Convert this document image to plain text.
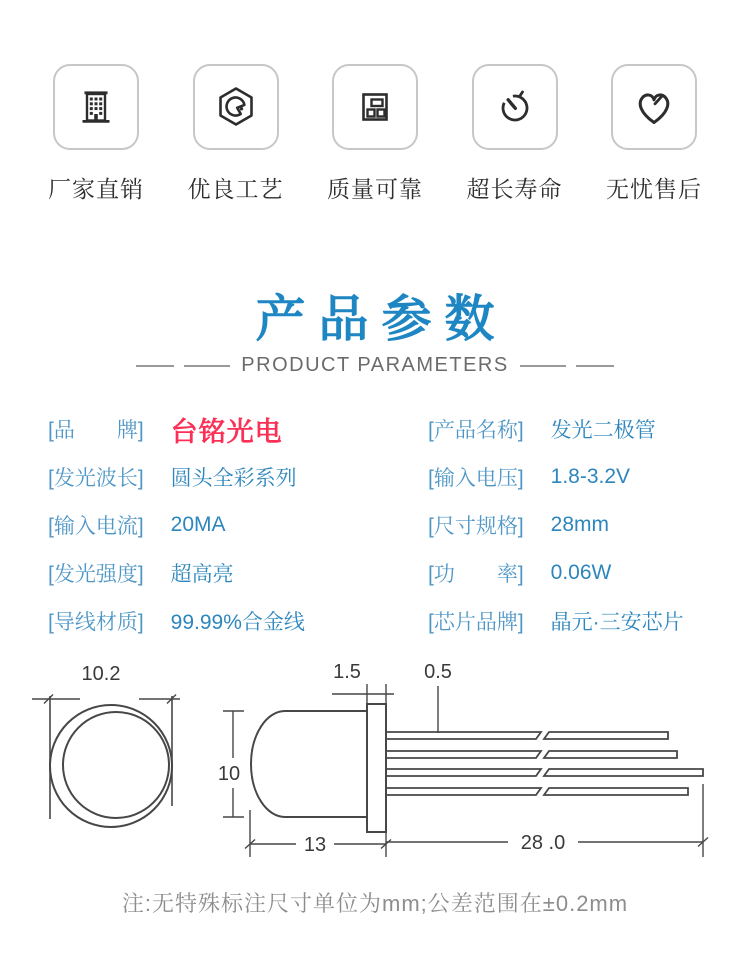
厂家直销 优良工艺 质量可靠 超长寿命 无忧售后
产品参数
PRODUCT PARAMETERS
[品　　牌] 台铭光电
[发光波长] 圆头全彩系列
[输入电流] 20MA
[发光强度] 超高亮
[导线材质] 99.99%合金线
[产品名称] 发光二极管
[输入电压] 1.8-3.2V
[尺寸规格] 28mm
[功　　率] 0.06W
[芯片品牌] 晶元·三安芯片
10.2
10
1.5	0.5
13	28 .0
注:无特殊标注尺寸单位为mm;公差范围在±0.2mm
